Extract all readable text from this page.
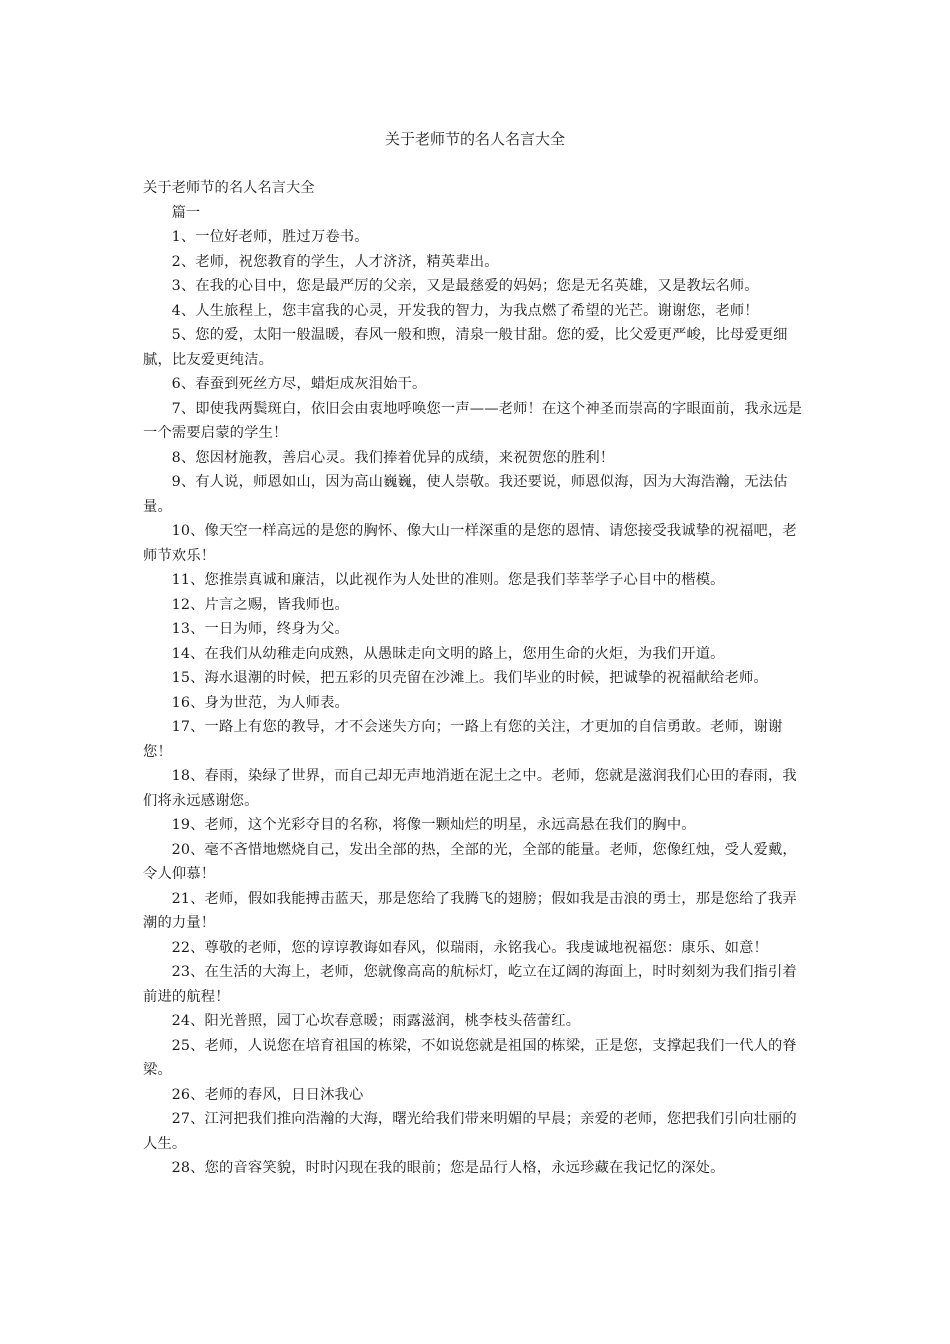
关于老师节的名人名言大全

关于老师节的名人名言大全

篇一

1、一位好老师，胜过万卷书。

2、老师，祝您教育的学生，人才济济，精英辈出。

3、在我的心目中，您是最严厉的父亲，又是最慈爱的妈妈；您是无名英雄，又是教坛名师。

4、人生旅程上，您丰富我的心灵，开发我的智力，为我点燃了希望的光芒。谢谢您，老师！

5、您的爱，太阳一般温暖，春风一般和煦，清泉一般甘甜。您的爱，比父爱更严峻，比母爱更细腻，比友爱更纯洁。

6、春蚕到死丝方尽，蜡炬成灰泪始干。

7、即使我两鬓斑白，依旧会由衷地呼唤您一声——老师！在这个神圣而崇高的字眼面前，我永远是一个需要启蒙的学生！

8、您因材施教，善启心灵。我们捧着优异的成绩，来祝贺您的胜利！

9、有人说，师恩如山，因为高山巍巍，使人崇敬。我还要说，师恩似海，因为大海浩瀚，无法估量。

10、像天空一样高远的是您的胸怀、像大山一样深重的是您的恩情、请您接受我诚挚的祝福吧，老师节欢乐！

11、您推崇真诚和廉洁，以此视作为人处世的准则。您是我们莘莘学子心目中的楷模。

12、片言之赐，皆我师也。

13、一日为师，终身为父。

14、在我们从幼稚走向成熟，从愚昧走向文明的路上，您用生命的火炬，为我们开道。

15、海水退潮的时候，把五彩的贝壳留在沙滩上。我们毕业的时候，把诚挚的祝福献给老师。

16、身为世范，为人师表。

17、一路上有您的教导，才不会迷失方向；一路上有您的关注，才更加的自信勇敢。老师，谢谢您！

18、春雨，染绿了世界，而自己却无声地消逝在泥土之中。老师，您就是滋润我们心田的春雨，我们将永远感谢您。

19、老师，这个光彩夺目的名称，将像一颗灿烂的明星，永远高悬在我们的胸中。

20、毫不吝惜地燃烧自己，发出全部的热，全部的光，全部的能量。老师，您像红烛，受人爱戴，令人仰慕！

21、老师，假如我能搏击蓝天，那是您给了我腾飞的翅膀；假如我是击浪的勇士，那是您给了我弄潮的力量！

22、尊敬的老师，您的谆谆教诲如春风，似瑞雨，永铭我心。我虔诚地祝福您：康乐、如意！

23、在生活的大海上，老师，您就像高高的航标灯，屹立在辽阔的海面上，时时刻刻为我们指引着前进的航程！

24、阳光普照，园丁心坎春意暖；雨露滋润，桃李枝头蓓蕾红。

25、老师，人说您在培育祖国的栋梁，不如说您就是祖国的栋梁，正是您，支撑起我们一代人的脊梁。

26、老师的春风，日日沐我心

27、江河把我们推向浩瀚的大海，曙光给我们带来明媚的早晨；亲爱的老师，您把我们引向壮丽的人生。

28、您的音容笑貌，时时闪现在我的眼前；您是品行人格，永远珍藏在我记忆的深处。
